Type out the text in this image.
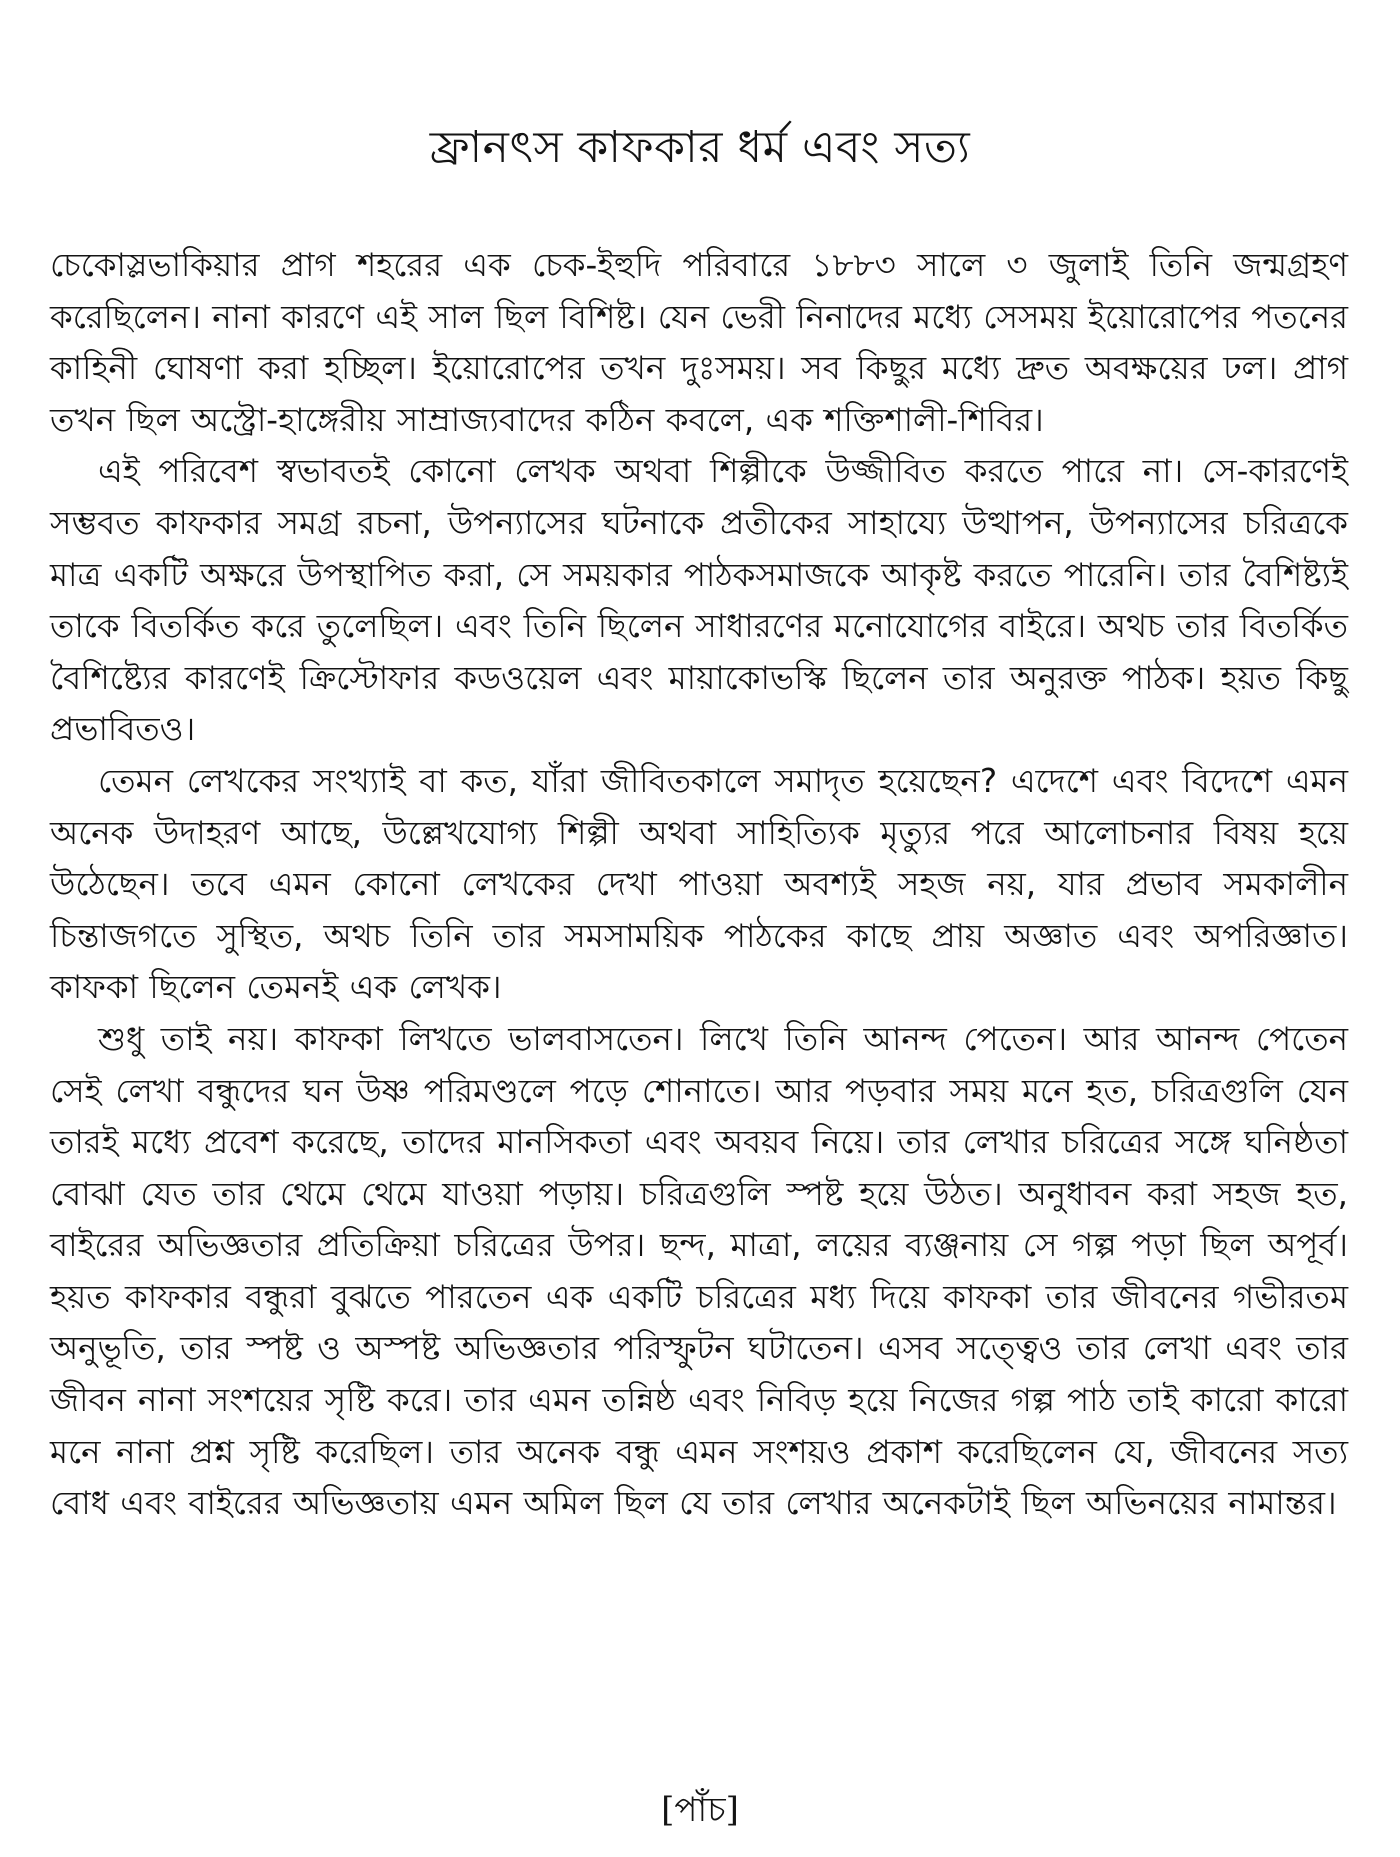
ফ্রানৎস কাফকার ধর্ম এবং সত্য

চেকোস্লভাকিয়ার প্রাগ শহরের এক চেক-ইহুদি পরিবারে ১৮৮৩ সালে ৩ জুলাই তিনি জন্মগ্রহণ করেছিলেন। নানা কারণে এই সাল ছিল বিশিষ্ট। যেন ভেরী নিনাদের মধ্যে সেসময় ইয়োরোপের পতনের কাহিনী ঘোষণা করা হচ্ছিল। ইয়োরোপের তখন দুঃসময়। সব কিছুর মধ্যে দ্রুত অবক্ষয়ের ঢল। প্রাগ তখন ছিল অস্ট্রো-হাঙ্গেরীয় সাম্রাজ্যবাদের কঠিন কবলে, এক শক্তিশালী-শিবির।

এই পরিবেশ স্বভাবতই কোনো লেখক অথবা শিল্পীকে উজ্জীবিত করতে পারে না। সে-কারণেই সম্ভবত কাফকার সমগ্র রচনা, উপন্যাসের ঘটনাকে প্রতীকের সাহায্যে উত্থাপন, উপন্যাসের চরিত্রকে মাত্র একটি অক্ষরে উপস্থাপিত করা, সে সময়কার পাঠকসমাজকে আকৃষ্ট করতে পারেনি। তার বৈশিষ্ট্যই তাকে বিতর্কিত করে তুলেছিল। এবং তিনি ছিলেন সাধারণের মনোযোগের বাইরে। অথচ তার বিতর্কিত বৈশিষ্ট্যের কারণেই ক্রিস্টোফার কডওয়েল এবং মায়াকোভস্কি ছিলেন তার অনুরক্ত পাঠক। হয়ত কিছু প্রভাবিতও।

তেমন লেখকের সংখ্যাই বা কত, যাঁরা জীবিতকালে সমাদৃত হয়েছেন? এদেশে এবং বিদেশে এমন অনেক উদাহরণ আছে, উল্লেখযোগ্য শিল্পী অথবা সাহিত্যিক মৃত্যুর পরে আলোচনার বিষয় হয়ে উঠেছেন। তবে এমন কোনো লেখকের দেখা পাওয়া অবশ্যই সহজ নয়, যার প্রভাব সমকালীন চিন্তাজগতে সুস্থিত, অথচ তিনি তার সমসাময়িক পাঠকের কাছে প্রায় অজ্ঞাত এবং অপরিজ্ঞাত। কাফকা ছিলেন তেমনই এক লেখক।

শুধু তাই নয়। কাফকা লিখতে ভালবাসতেন। লিখে তিনি আনন্দ পেতেন। আর আনন্দ পেতেন সেই লেখা বন্ধুদের ঘন উষ্ণ পরিমণ্ডলে পড়ে শোনাতে। আর পড়বার সময় মনে হত, চরিত্রগুলি যেন তারই মধ্যে প্রবেশ করেছে, তাদের মানসিকতা এবং অবয়ব নিয়ে। তার লেখার চরিত্রের সঙ্গে ঘনিষ্ঠতা বোঝা যেত তার থেমে থেমে যাওয়া পড়ায়। চরিত্রগুলি স্পষ্ট হয়ে উঠত। অনুধাবন করা সহজ হত, বাইরের অভিজ্ঞতার প্রতিক্রিয়া চরিত্রের উপর। ছন্দ, মাত্রা, লয়ের ব্যঞ্জনায় সে গল্প পড়া ছিল অপূর্ব। হয়ত কাফকার বন্ধুরা বুঝতে পারতেন এক একটি চরিত্রের মধ্য দিয়ে কাফকা তার জীবনের গভীরতম অনুভূতি, তার স্পষ্ট ও অস্পষ্ট অভিজ্ঞতার পরিস্ফুটন ঘটাতেন। এসব সত্ত্বেও তার লেখা এবং তার জীবন নানা সংশয়ের সৃষ্টি করে। তার এমন তন্নিষ্ঠ এবং নিবিড় হয়ে নিজের গল্প পাঠ তাই কারো কারো মনে নানা প্রশ্ন সৃষ্টি করেছিল। তার অনেক বন্ধু এমন সংশয়ও প্রকাশ করেছিলেন যে, জীবনের সত্য বোধ এবং বাইরের অভিজ্ঞতায় এমন অমিল ছিল যে তার লেখার অনেকটাই ছিল অভিনয়ের নামান্তর।

[পাঁচ]
